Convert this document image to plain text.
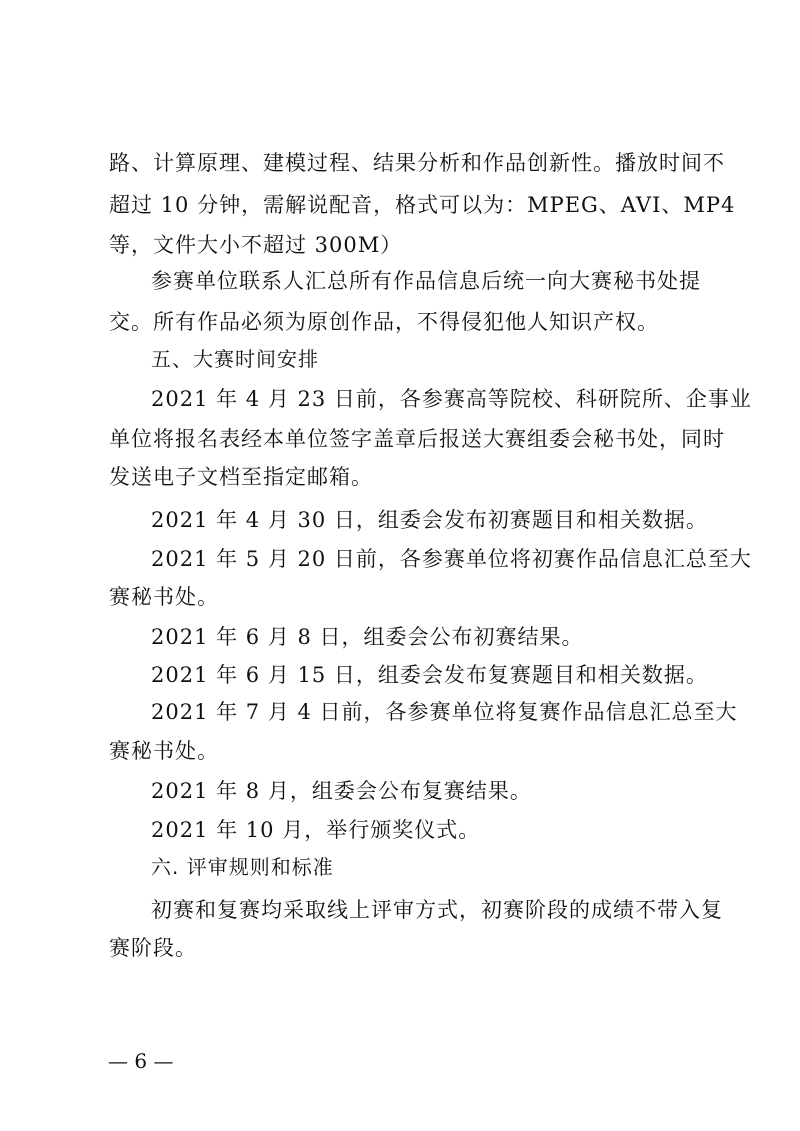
路、计算原理、建模过程、结果分析和作品创新性。播放时间不
超过 10 分钟，需解说配音，格式可以为：MPEG、AVI、MP4
等，文件大小不超过 300M）
参赛单位联系人汇总所有作品信息后统一向大赛秘书处提
交。所有作品必须为原创作品，不得侵犯他人知识产权。
五、大赛时间安排
2021 年 4 月 23 日前，各参赛高等院校、科研院所、企事业
单位将报名表经本单位签字盖章后报送大赛组委会秘书处，同时
发送电子文档至指定邮箱。
2021 年 4 月 30 日，组委会发布初赛题目和相关数据。
2021 年 5 月 20 日前，各参赛单位将初赛作品信息汇总至大
赛秘书处。
2021 年 6 月 8 日，组委会公布初赛结果。
2021 年 6 月 15 日，组委会发布复赛题目和相关数据。
2021 年 7 月 4 日前，各参赛单位将复赛作品信息汇总至大
赛秘书处。
2021 年 8 月，组委会公布复赛结果。
2021 年 10 月，举行颁奖仪式。
六. 评审规则和标准
初赛和复赛均采取线上评审方式，初赛阶段的成绩不带入复
赛阶段。
— 6 —
